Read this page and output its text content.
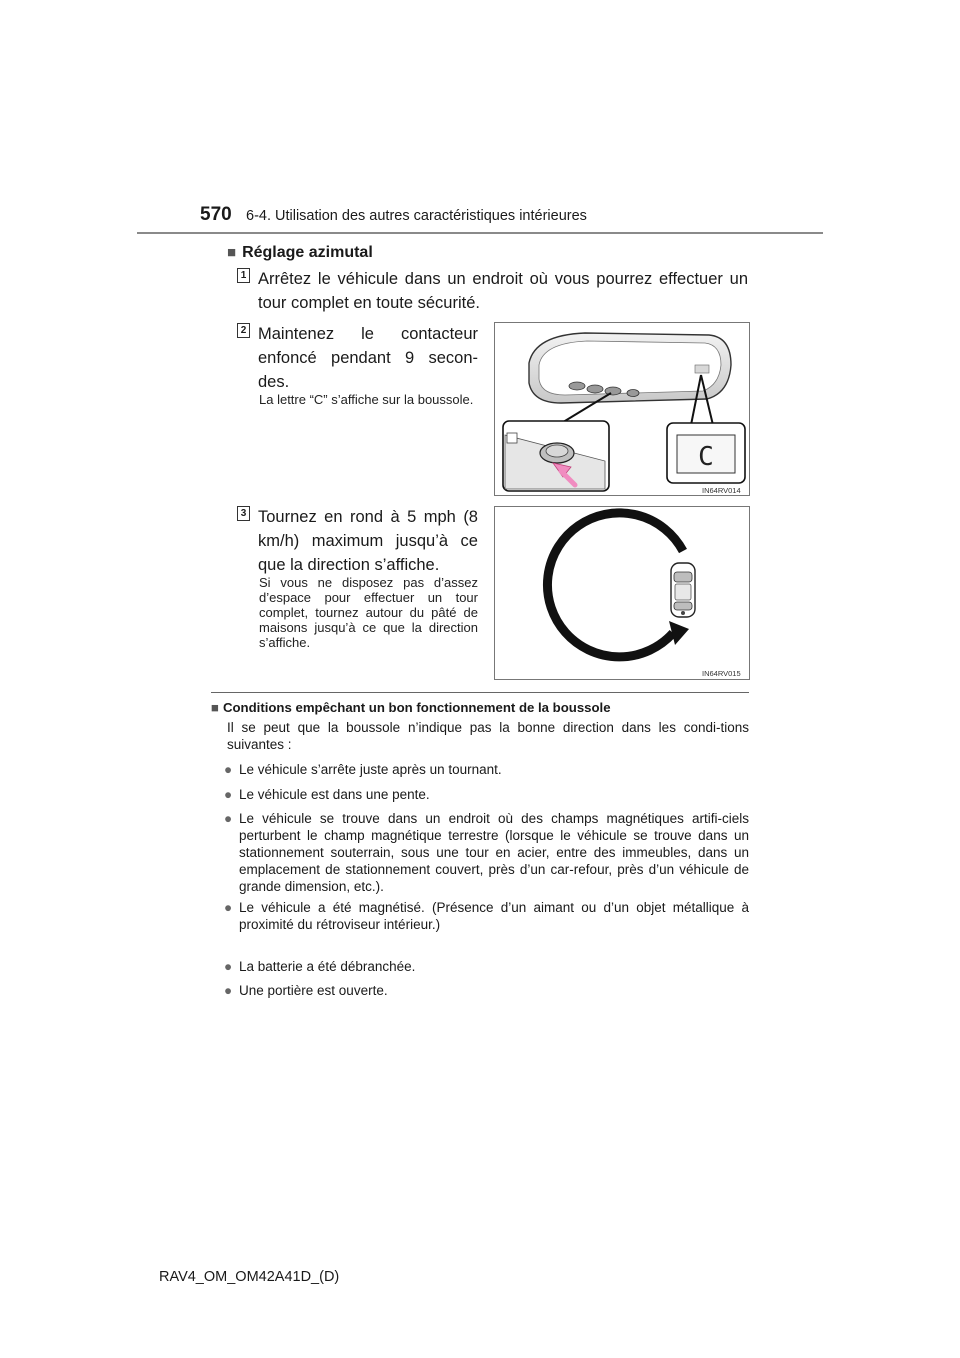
570 6-4. Utilisation des autres caractéristiques intérieures
■ Réglage azimutal
1 Arrêtez le véhicule dans un endroit où vous pourrez effectuer un tour complet en toute sécurité.
2 Maintenez le contacteur enfoncé pendant 9 secon-des.
La lettre “C” s’affiche sur la boussole.
C
IN64RV014
3 Tournez en rond à 5 mph (8 km/h) maximum jusqu’à ce que la direction s’affiche.
Si vous ne disposez pas d’assez d’espace pour effectuer un tour complet, tournez autour du pâté de maisons jusqu’à ce que la direction s’affiche.
IN64RV015
■ Conditions empêchant un bon fonctionnement de la boussole
Il se peut que la boussole n’indique pas la bonne direction dans les condi-tions suivantes :
● Le véhicule s’arrête juste après un tournant.
● Le véhicule est dans une pente.
● Le véhicule se trouve dans un endroit où des champs magnétiques artifi-ciels perturbent le champ magnétique terrestre (lorsque le véhicule se trouve dans un stationnement souterrain, sous une tour en acier, entre des immeubles, dans un emplacement de stationnement couvert, près d’un car-refour, près d’un véhicule de grande dimension, etc.).
● Le véhicule a été magnétisé. (Présence d’un aimant ou d’un objet métallique à proximité du rétroviseur intérieur.)
● La batterie a été débranchée.
● Une portière est ouverte.
RAV4_OM_OM42A41D_(D)
